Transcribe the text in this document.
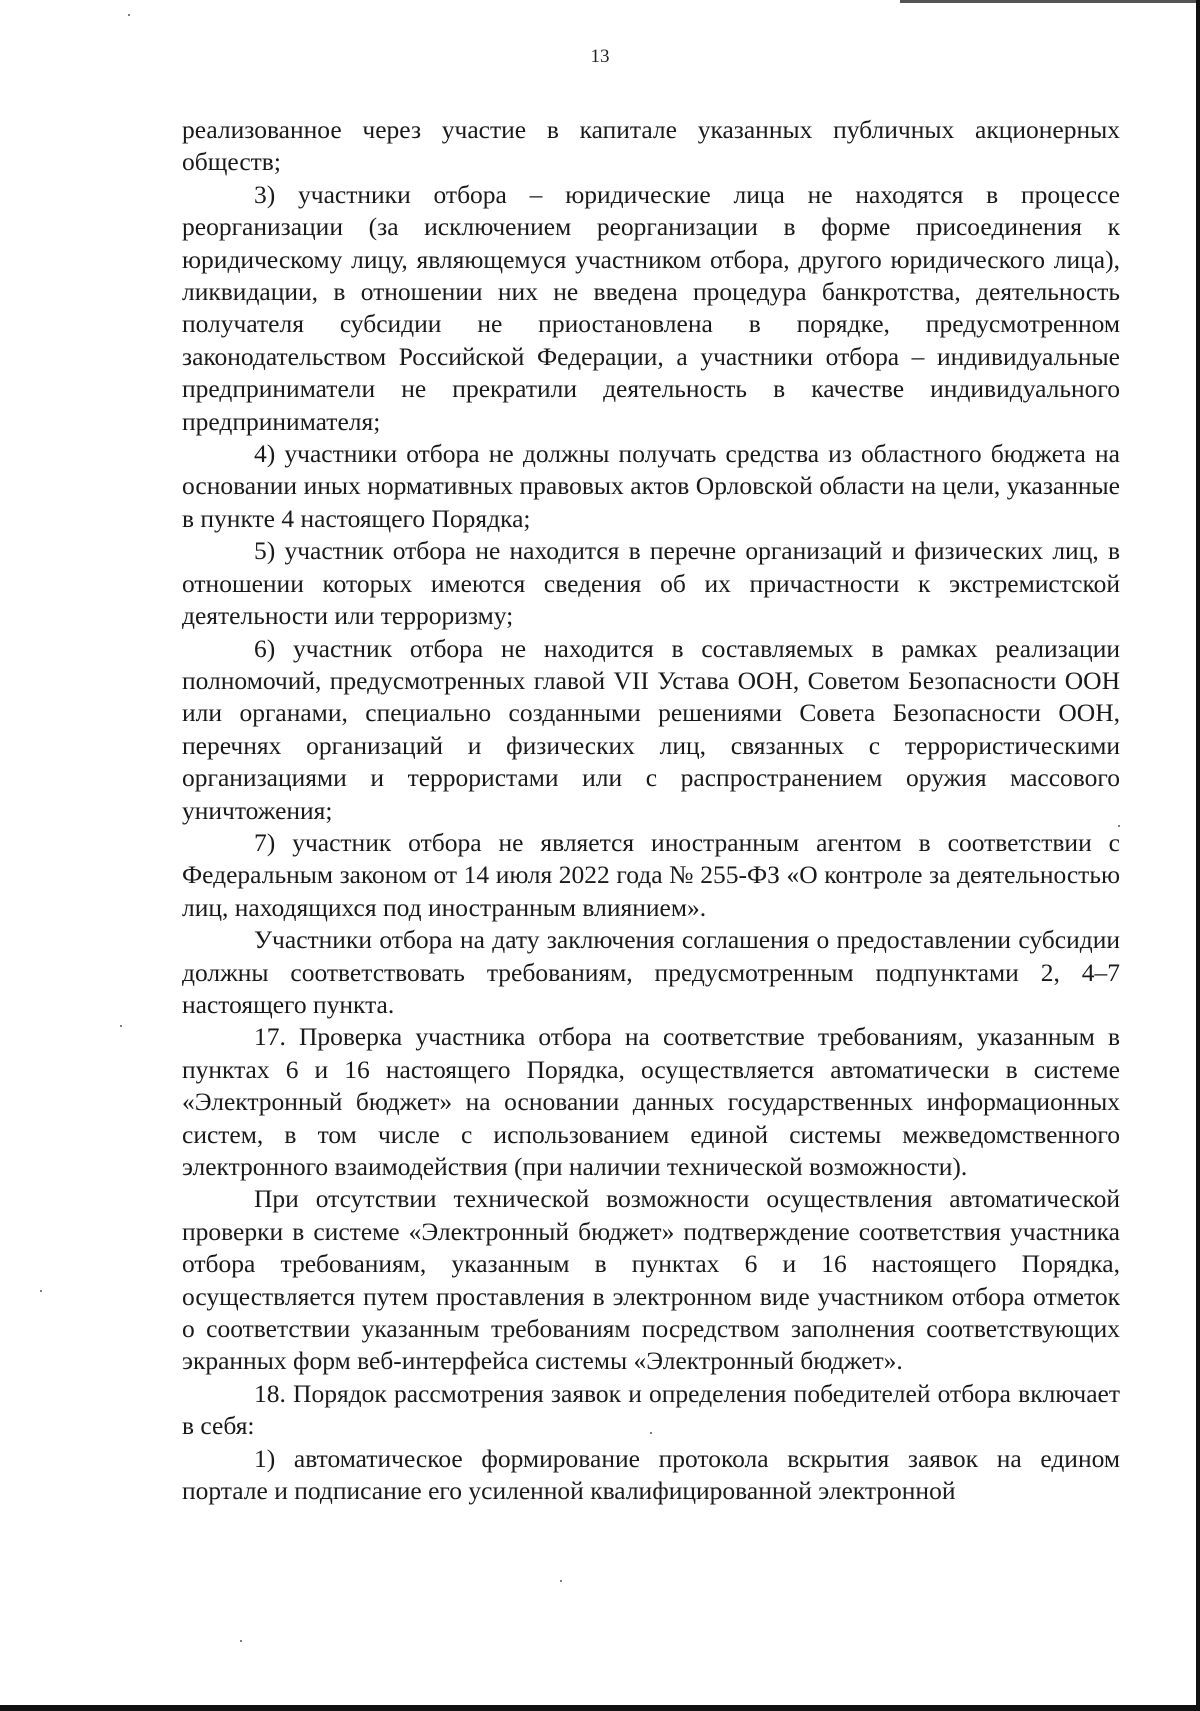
13

реализованное через участие в капитале указанных публичных акционерных обществ;

3) участники отбора – юридические лица не находятся в процессе реорганизации (за исключением реорганизации в форме присоединения к юридическому лицу, являющемуся участником отбора, другого юридического лица), ликвидации, в отношении них не введена процедура банкротства, деятельность получателя субсидии не приостановлена в порядке, предусмотренном законодательством Российской Федерации, а участники отбора – индивидуальные предприниматели не прекратили деятельность в качестве индивидуального предпринимателя;

4) участники отбора не должны получать средства из областного бюджета на основании иных нормативных правовых актов Орловской области на цели, указанные в пункте 4 настоящего Порядка;

5) участник отбора не находится в перечне организаций и физических лиц, в отношении которых имеются сведения об их причастности к экстремистской деятельности или терроризму;

6) участник отбора не находится в составляемых в рамках реализации полномочий, предусмотренных главой VII Устава ООН, Советом Безопасности ООН или органами, специально созданными решениями Совета Безопасности ООН, перечнях организаций и физических лиц, связанных с террористическими организациями и террористами или с распространением оружия массового уничтожения;

7) участник отбора не является иностранным агентом в соответствии с Федеральным законом от 14 июля 2022 года № 255-ФЗ «О контроле за деятельностью лиц, находящихся под иностранным влиянием».

Участники отбора на дату заключения соглашения о предоставлении субсидии должны соответствовать требованиям, предусмотренным подпунктами 2, 4–7 настоящего пункта.

17. Проверка участника отбора на соответствие требованиям, указанным в пунктах 6 и 16 настоящего Порядка, осуществляется автоматически в системе «Электронный бюджет» на основании данных государственных информационных систем, в том числе с использованием единой системы межведомственного электронного взаимодействия (при наличии технической возможности).

При отсутствии технической возможности осуществления автоматической проверки в системе «Электронный бюджет» подтверждение соответствия участника отбора требованиям, указанным в пунктах 6 и 16 настоящего Порядка, осуществляется путем проставления в электронном виде участником отбора отметок о соответствии указанным требованиям посредством заполнения соответствующих экранных форм веб-интерфейса системы «Электронный бюджет».

18. Порядок рассмотрения заявок и определения победителей отбора включает в себя:

1) автоматическое формирование протокола вскрытия заявок на едином портале и подписание его усиленной квалифицированной электронной
